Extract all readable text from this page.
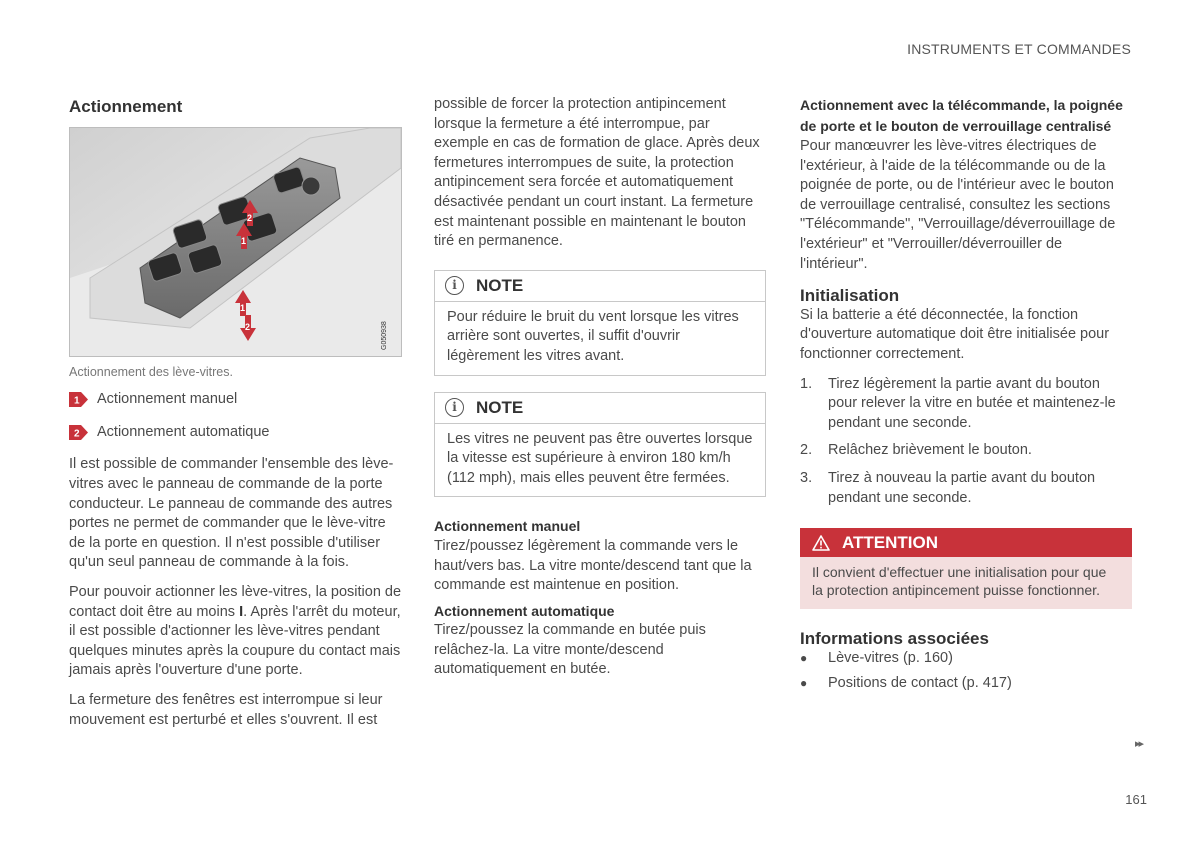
INSTRUMENTS ET COMMANDES
Actionnement
2
1
1
2	G050938
Actionnement des lève-vitres.
1 Actionnement manuel
2 Actionnement automatique

Il est possible de commander l'ensemble des lève-vitres avec le panneau de commande de la porte conducteur. Le panneau de commande des autres portes ne permet de commander que le lève-vitre de la porte en question. Il n'est possible d'utiliser qu'un seul panneau de commande à la fois.

Pour pouvoir actionner les lève-vitres, la position de contact doit être au moins I. Après l'arrêt du moteur, il est possible d'actionner les lève-vitres pendant quelques minutes après la coupure du contact mais jamais après l'ouverture d'une porte.

La fermeture des fenêtres est interrompue si leur mouvement est perturbé et elles s'ouvrent. Il est

possible de forcer la protection antipincement lorsque la fermeture a été interrompue, par exemple en cas de formation de glace. Après deux fermetures interrompues de suite, la protection antipincement sera forcée et automatiquement désactivée pendant un court instant. La fermeture est maintenant possible en maintenant le bouton tiré en permanence.

i	NOTE
Pour réduire le bruit du vent lorsque les vitres arrière sont ouvertes, il suffit d'ouvrir légèrement les vitres avant.
i	NOTE
Les vitres ne peuvent pas être ouvertes lorsque la vitesse est supérieure à environ 180 km/h (112 mph), mais elles peuvent être fermées.
Actionnement manuel

Tirez/poussez légèrement la commande vers le haut/vers bas. La vitre monte/descend tant que la commande est maintenue en position.

Actionnement automatique

Tirez/poussez la commande en butée puis relâchez-la. La vitre monte/descend automatiquement en butée.

Actionnement avec la télécommande, la poignée de porte et le bouton de verrouillage centralisé

Pour manœuvrer les lève-vitres électriques de l'extérieur, à l'aide de la télécommande ou de la poignée de porte, ou de l'intérieur avec le bouton de verrouillage centralisé, consultez les sections "Télécommande", "Verrouillage/déverrouillage de l'extérieur" et "Verrouiller/déverrouiller de l'intérieur".

Initialisation

Si la batterie a été déconnectée, la fonction d'ouverture automatique doit être initialisée pour fonctionner correctement.

1.	Tirez légèrement la partie avant du bouton pour relever la vitre en butée et maintenez-le pendant une seconde.
2.	Relâchez brièvement le bouton.
3.	Tirez à nouveau la partie avant du bouton pendant une seconde.
ATTENTION
Il convient d'effectuer une initialisation pour que la protection antipincement puisse fonctionner.
Informations associées
●	Lève-vitres (p. 160)
●	Positions de contact (p. 417)
▸▸
161
